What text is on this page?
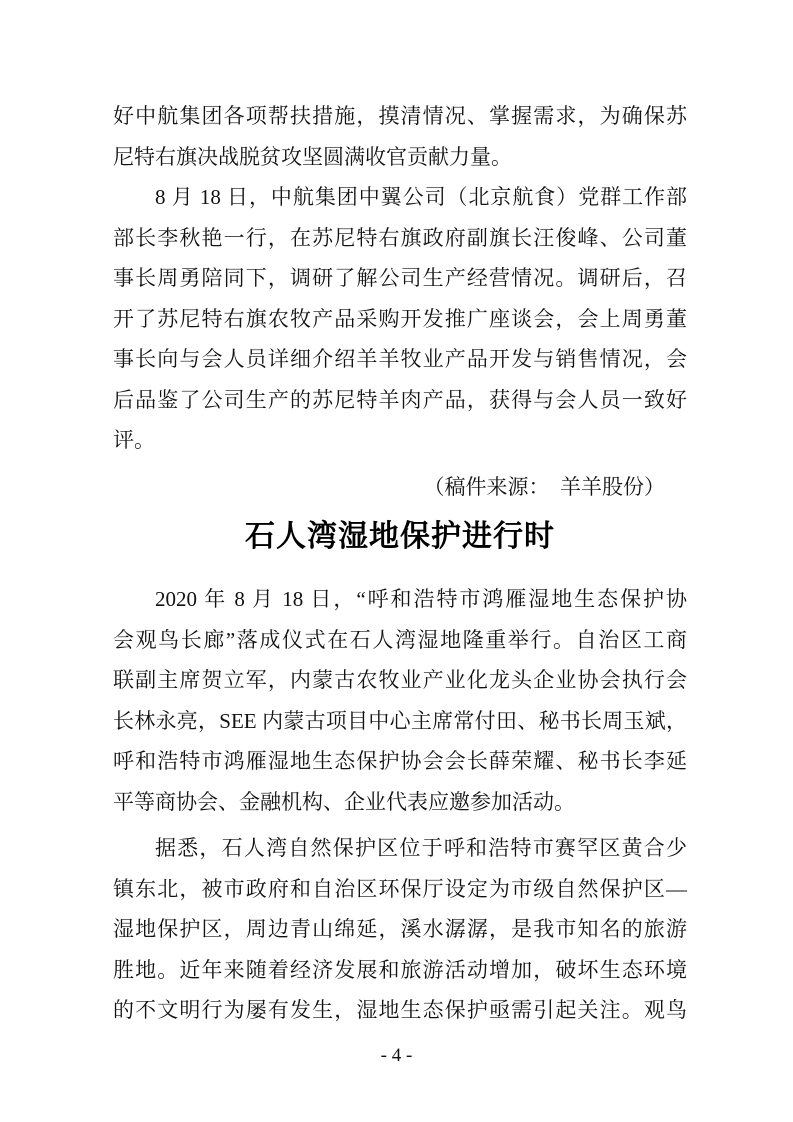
好中航集团各项帮扶措施，摸清情况、掌握需求，为确保苏
尼特右旗决战脱贫攻坚圆满收官贡献力量。
8 月 18 日，中航集团中翼公司（北京航食）党群工作部
部长李秋艳一行，在苏尼特右旗政府副旗长汪俊峰、公司董
事长周勇陪同下，调研了解公司生产经营情况。调研后，召
开了苏尼特右旗农牧产品采购开发推广座谈会，会上周勇董
事长向与会人员详细介绍羊羊牧业产品开发与销售情况，会
后品鉴了公司生产的苏尼特羊肉产品，获得与会人员一致好
评。
（稿件来源：　羊羊股份）
石人湾湿地保护进行时
2020 年 8 月 18 日，“呼和浩特市鸿雁湿地生态保护协
会观鸟长廊”落成仪式在石人湾湿地隆重举行。自治区工商
联副主席贺立军，内蒙古农牧业产业化龙头企业协会执行会
长林永亮，SEE 内蒙古项目中心主席常付田、秘书长周玉斌，
呼和浩特市鸿雁湿地生态保护协会会长薛荣耀、秘书长李延
平等商协会、金融机构、企业代表应邀参加活动。
据悉，石人湾自然保护区位于呼和浩特市赛罕区黄合少
镇东北，被市政府和自治区环保厅设定为市级自然保护区—
湿地保护区，周边青山绵延，溪水潺潺，是我市知名的旅游
胜地。近年来随着经济发展和旅游活动增加，破坏生态环境
的不文明行为屡有发生，湿地生态保护亟需引起关注。观鸟
- 4 -
